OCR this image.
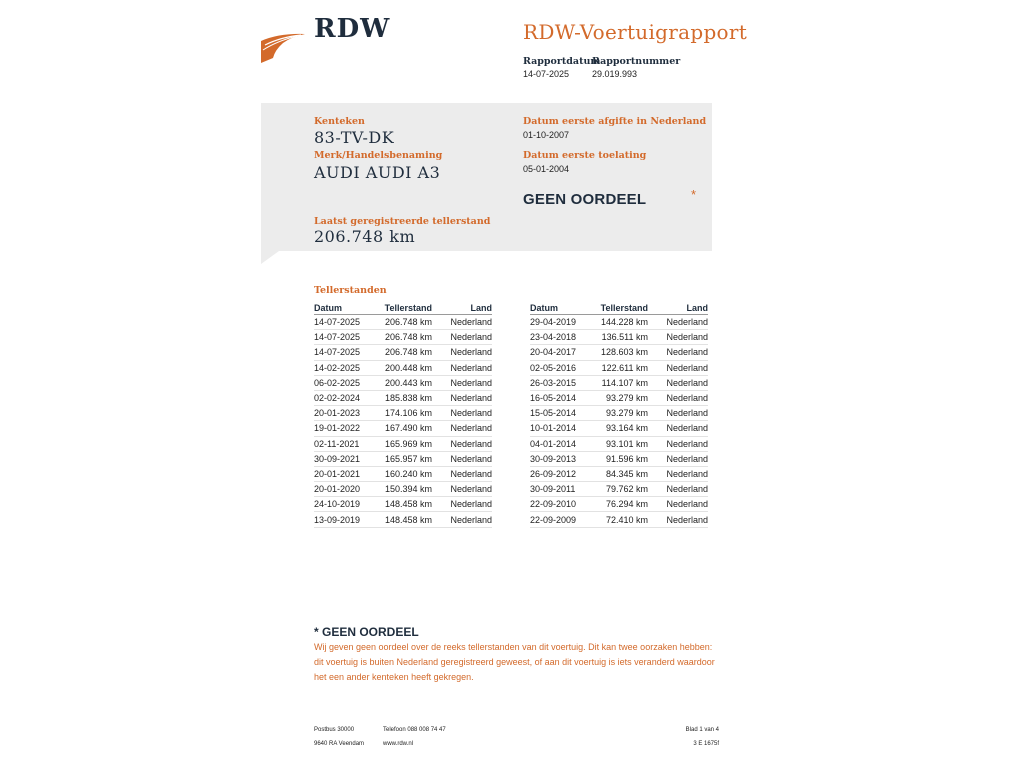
RDW	RDW-Voertuigrapport
Rapportdatum
14-07-2025
Rapportnummer
29.019.993
Kenteken
83-TV-DK
Merk/Handelsbenaming
AUDI AUDI A3
Laatst geregistreerde tellerstand
206.748 km
Datum eerste afgifte in Nederland
01-10-2007
Datum eerste toelating
05-01-2004
GEEN OORDEEL	*
Tellerstanden
Datum	Tellerstand	Land
14-07-2025	206.748 km	Nederland
14-07-2025	206.748 km	Nederland
14-07-2025	206.748 km	Nederland
14-02-2025	200.448 km	Nederland
06-02-2025	200.443 km	Nederland
02-02-2024	185.838 km	Nederland
20-01-2023	174.106 km	Nederland
19-01-2022	167.490 km	Nederland
02-11-2021	165.969 km	Nederland
30-09-2021	165.957 km	Nederland
20-01-2021	160.240 km	Nederland
20-01-2020	150.394 km	Nederland
24-10-2019	148.458 km	Nederland
13-09-2019	148.458 km	Nederland
Datum	Tellerstand	Land
29-04-2019	144.228 km	Nederland
23-04-2018	136.511 km	Nederland
20-04-2017	128.603 km	Nederland
02-05-2016	122.611 km	Nederland
26-03-2015	114.107 km	Nederland
16-05-2014	93.279 km	Nederland
15-05-2014	93.279 km	Nederland
10-01-2014	93.164 km	Nederland
04-01-2014	93.101 km	Nederland
30-09-2013	91.596 km	Nederland
26-09-2012	84.345 km	Nederland
30-09-2011	79.762 km	Nederland
22-09-2010	76.294 km	Nederland
22-09-2009	72.410 km	Nederland
* GEEN OORDEEL
Wij geven geen oordeel over de reeks tellerstanden van dit voertuig. Dit kan twee oorzaken hebben: dit voertuig is buiten Nederland geregistreerd geweest, of aan dit voertuig is iets veranderd waardoor het een ander kenteken heeft gekregen.
Postbus 30000
9640 RA Veendam
Telefoon 088 008 74 47
www.rdw.nl
Blad 1 van 4
3 E 1675f
